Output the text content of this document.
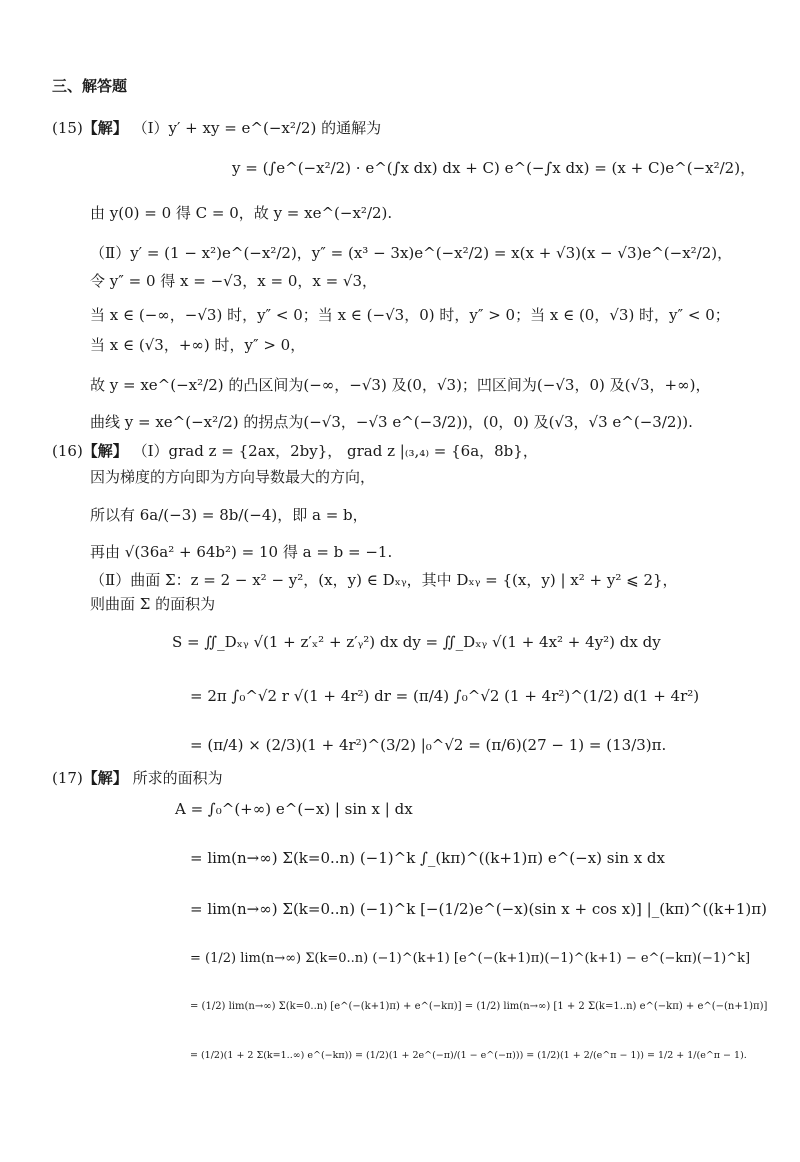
三、解答题
(15)【解】 （Ⅰ）y′ + xy = e^(−x²/2) 的通解为
y = (∫e^(−x²/2) · e^(∫x dx) dx + C) e^(−∫x dx) = (x + C)e^(−x²/2)，
由 y(0) = 0 得 C = 0，故 y = xe^(−x²/2).
（Ⅱ）y′ = (1 − x²)e^(−x²/2)，y″ = (x³ − 3x)e^(−x²/2) = x(x + √3)(x − √3)e^(−x²/2)，
令 y″ = 0 得 x = −√3，x = 0，x = √3，
当 x ∈ (−∞，−√3) 时，y″ < 0；当 x ∈ (−√3，0) 时，y″ > 0；当 x ∈ (0，√3) 时，y″ < 0；
当 x ∈ (√3，+∞) 时，y″ > 0，
故 y = xe^(−x²/2) 的凸区间为(−∞，−√3) 及(0，√3)；凹区间为(−√3，0) 及(√3，+∞)，
曲线 y = xe^(−x²/2) 的拐点为(−√3，−√3 e^(−3/2))，(0，0) 及(√3，√3 e^(−3/2)).
(16)【解】 （Ⅰ）grad z = {2ax，2by}， grad z |₍₃,₄₎ = {6a，8b}，
因为梯度的方向即为方向导数最大的方向，
所以有 6a/(−3) = 8b/(−4)，即 a = b，
再由 √(36a² + 64b²) = 10 得 a = b = −1.
（Ⅱ）曲面 Σ：z = 2 − x² − y²，(x，y) ∈ Dₓᵧ，其中 Dₓᵧ = {(x，y) | x² + y² ⩽ 2}，
则曲面 Σ 的面积为
S = ∬_Dₓᵧ √(1 + z′ₓ² + z′ᵧ²) dx dy = ∬_Dₓᵧ √(1 + 4x² + 4y²) dx dy
= 2π ∫₀^√2 r √(1 + 4r²) dr = (π/4) ∫₀^√2 (1 + 4r²)^(1/2) d(1 + 4r²)
= (π/4) × (2/3)(1 + 4r²)^(3/2) |₀^√2 = (π/6)(27 − 1) = (13/3)π.
(17)【解】 所求的面积为
A = ∫₀^(+∞) e^(−x) | sin x | dx
= lim(n→∞) Σ(k=0..n) (−1)^k ∫_(kπ)^((k+1)π) e^(−x) sin x dx
= lim(n→∞) Σ(k=0..n) (−1)^k [−(1/2)e^(−x)(sin x + cos x)] |_(kπ)^((k+1)π)
= (1/2) lim(n→∞) Σ(k=0..n) (−1)^(k+1) [e^(−(k+1)π)(−1)^(k+1) − e^(−kπ)(−1)^k]
= (1/2) lim(n→∞) Σ(k=0..n) [e^(−(k+1)π) + e^(−kπ)] = (1/2) lim(n→∞) [1 + 2 Σ(k=1..n) e^(−kπ) + e^(−(n+1)π)]
= (1/2)(1 + 2 Σ(k=1..∞) e^(−kπ)) = (1/2)(1 + 2e^(−π)/(1 − e^(−π))) = (1/2)(1 + 2/(e^π − 1)) = 1/2 + 1/(e^π − 1).
